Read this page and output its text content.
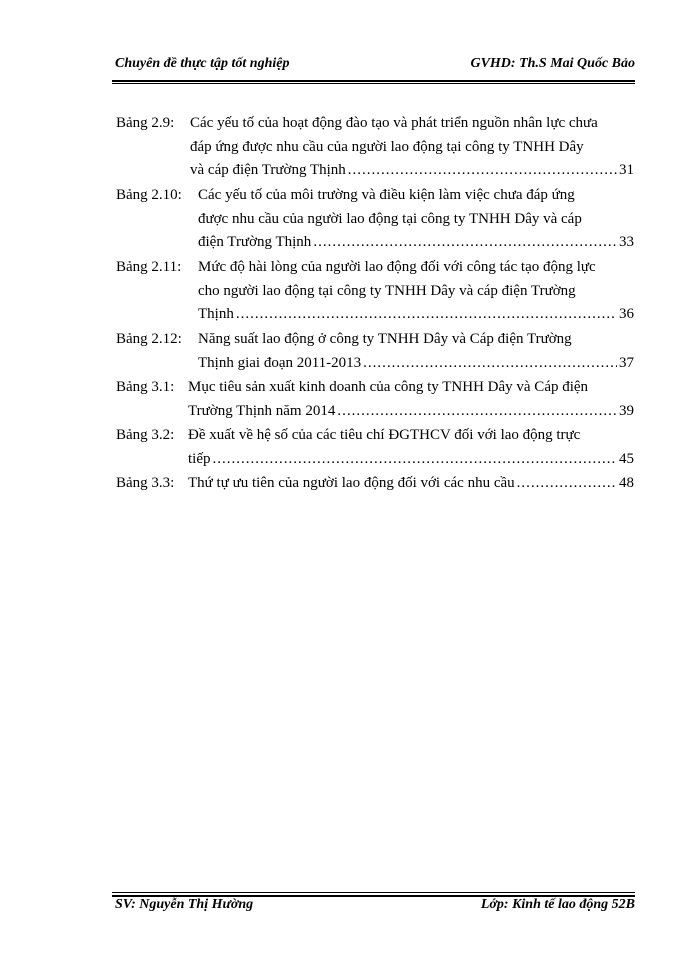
Chuyên đề thực tập tốt nghiệp	GVHD: Th.S Mai Quốc Bảo
Bảng 2.9: Các yếu tố của hoạt động đào tạo và phát triển nguồn nhân lực chưa
đáp ứng được nhu cầu của người lao động tại công ty TNHH Dây
và cáp điện Trường Thịnh .....	31
Bảng 2.10: Các yếu tố của môi trường và điều kiện làm việc chưa đáp ứng
được nhu cầu của người lao động tại công ty TNHH Dây và cáp
điện Trường Thịnh .....	33
Bảng 2.11: Mức độ hài lòng của người lao động đối với công tác tạo động lực
cho người lao động tại công ty TNHH Dây và cáp điện Trường
Thịnh .....	36
Bảng 2.12: Năng suất lao động ở công ty TNHH Dây và Cáp điện Trường
Thịnh giai đoạn 2011-2013 .....	37
Bảng 3.1: Mục tiêu sản xuất kinh doanh của công ty TNHH Dây và Cáp điện
Trường Thịnh năm 2014 .....	39
Bảng 3.2: Đề xuất về hệ số của các tiêu chí ĐGTHCV đối với lao động trực
tiếp .....	45
Bảng 3.3: Thứ tự ưu tiên của người lao động đối với các nhu cầu .....	48
SV: Nguyễn Thị Hường	Lớp: Kinh tế lao động 52B
